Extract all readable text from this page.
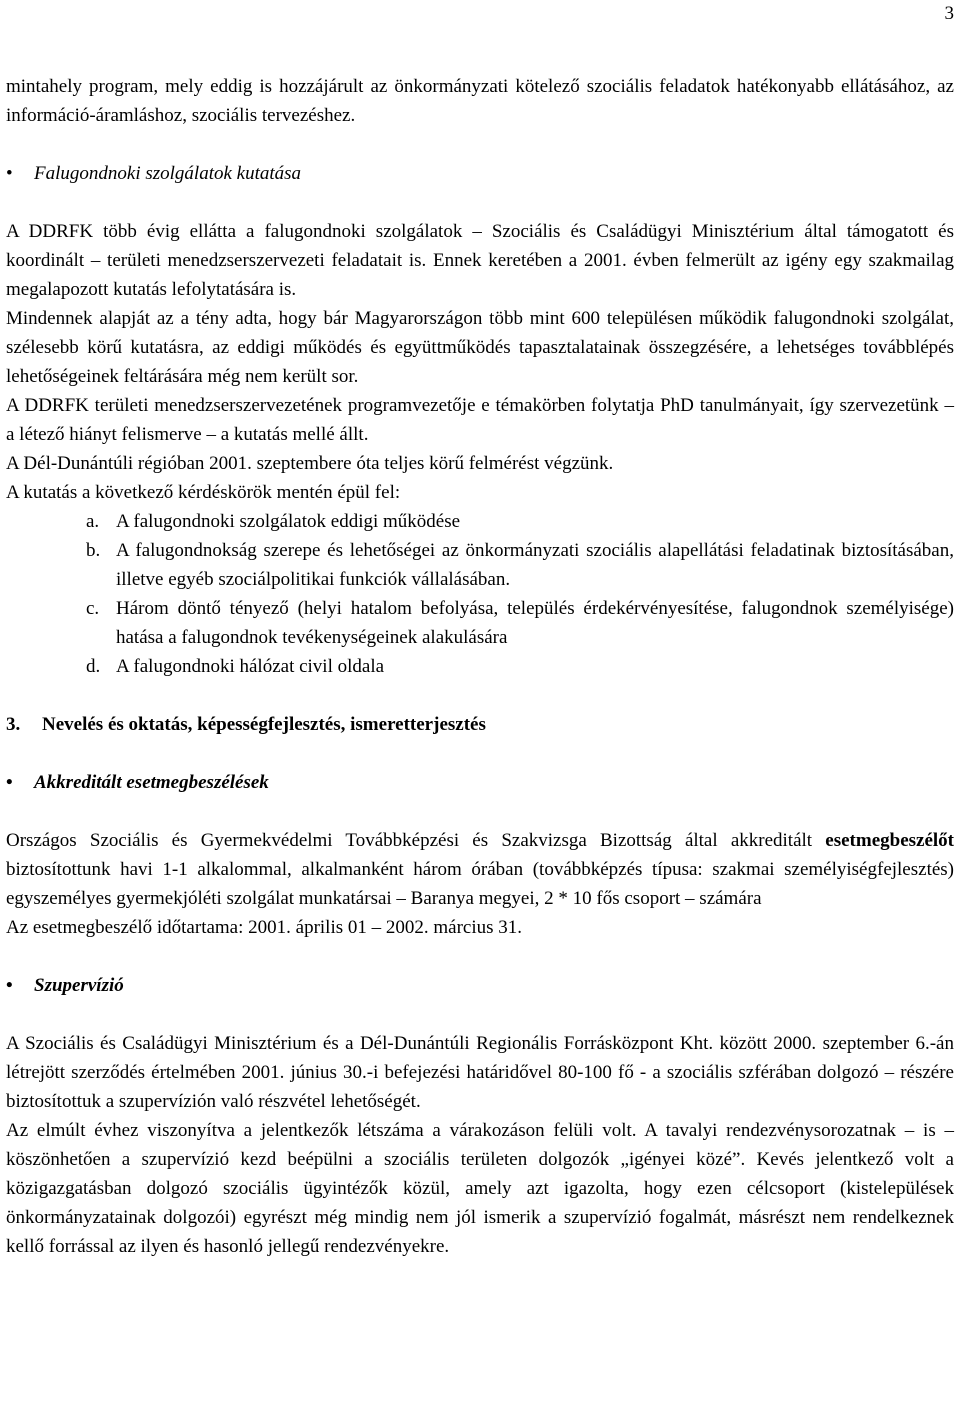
3

mintahely program, mely eddig is hozzájárult az önkormányzati kötelező szociális feladatok hatékonyabb ellátásához, az információ-áramláshoz, szociális tervezéshez.

•	Falugondnoki szolgálatok kutatása

A DDRFK több évig ellátta a falugondnoki szolgálatok – Szociális és Családügyi Minisztérium által támogatott és koordinált – területi menedzserszervezeti feladatait is. Ennek keretében a 2001. évben felmerült az igény egy szakmailag megalapozott kutatás lefolytatására is.

Mindennek alapját az a tény adta, hogy bár Magyarországon több mint 600 településen működik falugondnoki szolgálat, szélesebb körű kutatásra, az eddigi működés és együttműködés tapasztalatainak összegzésére, a lehetséges továbblépés lehetőségeinek feltárására még nem került sor.

A DDRFK területi menedzserszervezetének programvezetője e témakörben folytatja PhD tanulmányait, így szervezetünk – a létező hiányt felismerve – a kutatás mellé állt.

A Dél-Dunántúli régióban 2001. szeptembere óta teljes körű felmérést végzünk.

A kutatás a következő kérdéskörök mentén épül fel:

a. A falugondnoki szolgálatok eddigi működése
b. A falugondnokság szerepe és lehetőségei az önkormányzati szociális alapellátási feladatinak biztosításában, illetve egyéb szociálpolitikai funkciók vállalásában.
c. Három döntő tényező (helyi hatalom befolyása, település érdekérvényesítése, falugondnok személyisége) hatása a falugondnok tevékenységeinek alakulására
d. A falugondnoki hálózat civil oldala

3. Nevelés és oktatás, képességfejlesztés, ismeretterjesztés

•	Akkreditált esetmegbeszélések

Országos Szociális és Gyermekvédelmi Továbbképzési és Szakvizsga Bizottság által akkreditált esetmegbeszélőt biztosítottunk havi 1-1 alkalommal, alkalmanként három órában (továbbképzés típusa: szakmai személyiségfejlesztés) egyszemélyes gyermekjóléti szolgálat munkatársai – Baranya megyei, 2 * 10 fős csoport – számára

Az esetmegbeszélő időtartama: 2001. április 01 – 2002. március 31.

•	Szupervízió

A Szociális és Családügyi Minisztérium és a Dél-Dunántúli Regionális Forrásközpont Kht. között 2000. szeptember 6.-án létrejött szerződés értelmében 2001. június 30.-i befejezési határidővel 80-100 fő - a szociális szférában dolgozó – részére biztosítottuk a szupervízión való részvétel lehetőségét.

Az elmúlt évhez viszonyítva a jelentkezők létszáma a várakozáson felüli volt. A tavalyi rendezvénysorozatnak – is – köszönhetően a szupervízió kezd beépülni a szociális területen dolgozók „igényei közé”. Kevés jelentkező volt a közigazgatásban dolgozó szociális ügyintézők közül, amely azt igazolta, hogy ezen célcsoport (kistelepülések önkormányzatainak dolgozói) egyrészt még mindig nem jól ismerik a szupervízió fogalmát, másrészt nem rendelkeznek kellő forrással az ilyen és hasonló jellegű rendezvényekre.
